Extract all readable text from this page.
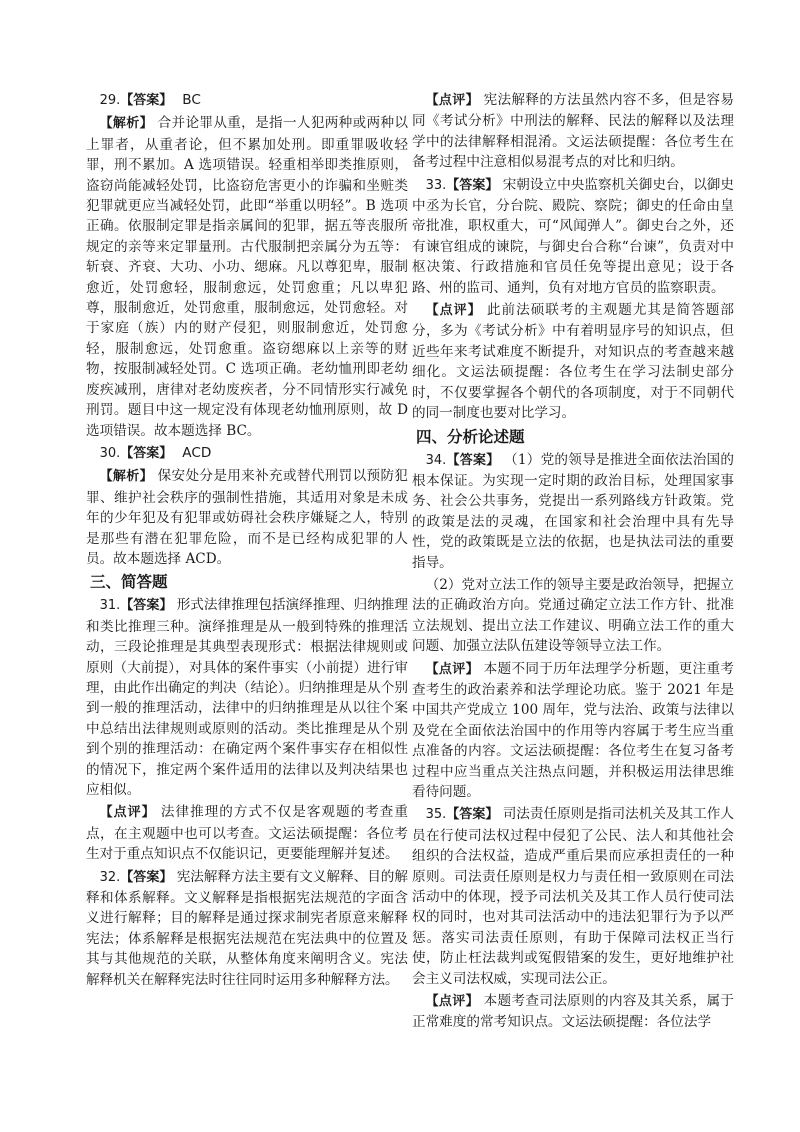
29.【答案】 BC

【解析】 合并论罪从重，是指一人犯两种或两种以上罪者，从重者论，但不累加处刑。即重罪吸收轻罪，刑不累加。A 选项错误。轻重相举即类推原则，盗窃尚能减轻处罚，比盗窃危害更小的诈骗和坐赃类犯罪就更应当减轻处罚，此即“举重以明轻”。B 选项正确。依服制定罪是指亲属间的犯罪，据五等丧服所规定的亲等来定罪量刑。古代服制把亲属分为五等：斩衰、齐衰、大功、小功、缌麻。凡以尊犯卑，服制愈近，处罚愈轻，服制愈远，处罚愈重；凡以卑犯尊，服制愈近，处罚愈重，服制愈远，处罚愈轻。对于家庭（族）内的财产侵犯，则服制愈近，处罚愈轻，服制愈远，处罚愈重。盗窃缌麻以上亲等的财物，按服制减轻处罚。C 选项正确。老幼恤刑即老幼废疾减刑，唐律对老幼废疾者，分不同情形实行减免刑罚。题目中这一规定没有体现老幼恤刑原则，故 D 选项错误。故本题选择 BC。

30.【答案】 ACD

【解析】 保安处分是用来补充或替代刑罚以预防犯罪、维护社会秩序的强制性措施，其适用对象是未成年的少年犯及有犯罪或妨碍社会秩序嫌疑之人，特别是那些有潜在犯罪危险，而不是已经构成犯罪的人员。故本题选择 ACD。

三、简答题

31.【答案】 形式法律推理包括演绎推理、归纳推理和类比推理三种。演绎推理是从一般到特殊的推理活动，三段论推理是其典型表现形式：根据法律规则或原则（大前提），对具体的案件事实（小前提）进行审理，由此作出确定的判决（结论）。归纳推理是从个别到一般的推理活动，法律中的归纳推理是从以往个案中总结出法律规则或原则的活动。类比推理是从个别到个别的推理活动：在确定两个案件事实存在相似性的情况下，推定两个案件适用的法律以及判决结果也应相似。

【点评】 法律推理的方式不仅是客观题的考查重点，在主观题中也可以考查。文运法硕提醒：各位考生对于重点知识点不仅能识记，更要能理解并复述。

32.【答案】 宪法解释方法主要有文义解释、目的解释和体系解释。文义解释是指根据宪法规范的字面含义进行解释；目的解释是通过探求制宪者原意来解释宪法；体系解释是根据宪法规范在宪法典中的位置及其与其他规范的关联，从整体角度来阐明含义。宪法解释机关在解释宪法时往往同时运用多种解释方法。

【点评】 宪法解释的方法虽然内容不多，但是容易同《考试分析》中刑法的解释、民法的解释以及法理学中的法律解释相混淆。文运法硕提醒：各位考生在备考过程中注意相似易混考点的对比和归纳。

33.【答案】 宋朝设立中央监察机关御史台，以御史中丞为长官，分台院、殿院、察院；御史的任命由皇帝批准，职权重大，可“风闻弹人”。御史台之外，还有谏官组成的谏院，与御史台合称“台谏”，负责对中枢决策、行政措施和官员任免等提出意见；设于各路、州的监司、通判，负有对地方官员的监察职责。

【点评】 此前法硕联考的主观题尤其是简答题部分，多为《考试分析》中有着明显序号的知识点，但近些年来考试难度不断提升，对知识点的考查越来越细化。文运法硕提醒：各位考生在学习法制史部分时，不仅要掌握各个朝代的各项制度，对于不同朝代的同一制度也要对比学习。

四、分析论述题

34.【答案】 （1）党的领导是推进全面依法治国的根本保证。为实现一定时期的政治目标，处理国家事务、社会公共事务，党提出一系列路线方针政策。党的政策是法的灵魂，在国家和社会治理中具有先导性，党的政策既是立法的依据，也是执法司法的重要指导。

（2）党对立法工作的领导主要是政治领导，把握立法的正确政治方向。党通过确定立法工作方针、批准立法规划、提出立法工作建议、明确立法工作的重大问题、加强立法队伍建设等领导立法工作。

【点评】 本题不同于历年法理学分析题，更注重考查考生的政治素养和法学理论功底。鉴于 2021 年是中国共产党成立 100 周年，党与法治、政策与法律以及党在全面依法治国中的作用等内容属于考生应当重点准备的内容。文运法硕提醒：各位考生在复习备考过程中应当重点关注热点问题，并积极运用法律思维看待问题。

35.【答案】 司法责任原则是指司法机关及其工作人员在行使司法权过程中侵犯了公民、法人和其他社会组织的合法权益，造成严重后果而应承担责任的一种原则。司法责任原则是权力与责任相一致原则在司法活动中的体现，授予司法机关及其工作人员行使司法权的同时，也对其司法活动中的违法犯罪行为予以严惩。落实司法责任原则，有助于保障司法权正当行使，防止枉法裁判或冤假错案的发生，更好地维护社会主义司法权威，实现司法公正。

【点评】 本题考查司法原则的内容及其关系，属于正常难度的常考知识点。文运法硕提醒：各位法学
